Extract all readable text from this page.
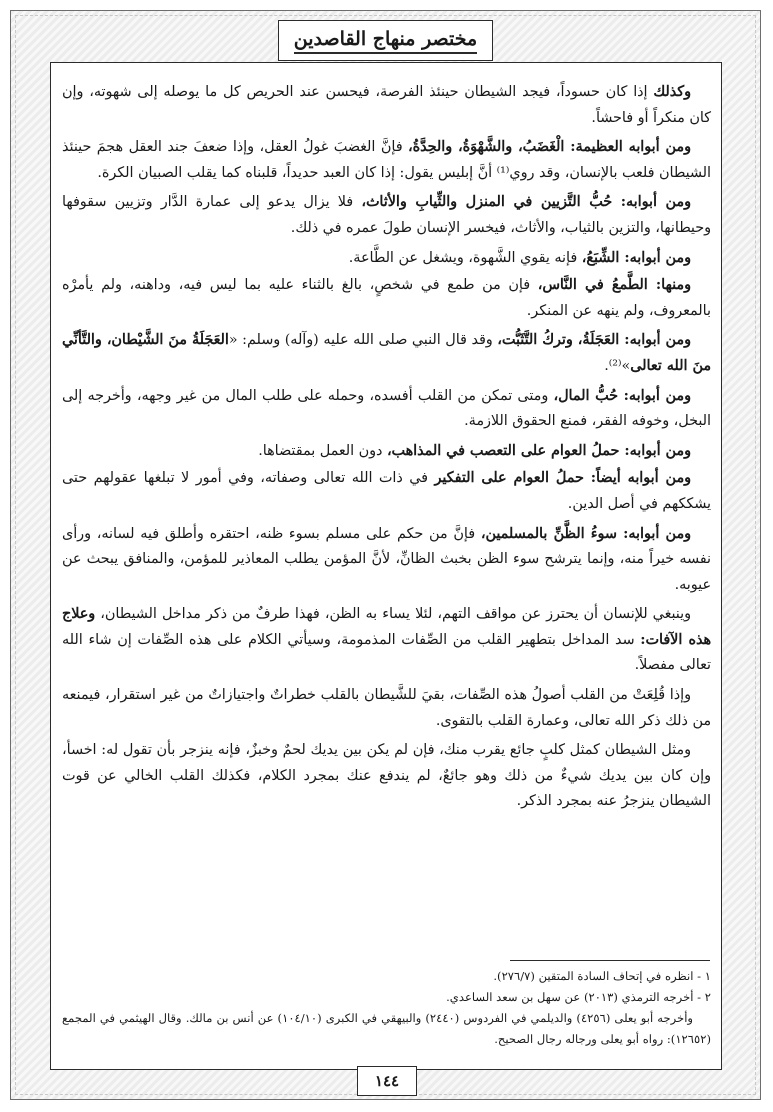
مختصر منهاج القاصدين

وكذلك إذا كان حسوداً، فيجد الشيطان حينئذ الفرصة، فيحسن عند الحريص كل ما يوصله إلى شهوته، وإن كان منكراً أو فاحشاً.

ومن أبوابه العظيمة: الْغَضَبُ، والشَّهْوَةُ، والحِدَّةُ، فإنَّ الغضبَ غولُ العقل، وإذا ضعفَ جند العقل هجمَ حينئذ الشيطان فلعب بالإنسان، وقد روي⁽¹⁾ أنَّ إبليس يقول: إذا كان العبد حديداً، قلبناه كما يقلب الصبيان الكرة.

ومن أبوابه: حُبُّ التَّزيين في المنزل والثِّيابِ والأثاث، فلا يزال يدعو إلى عمارة الدَّار وتزيين سقوفها وحيطانها، والتزين بالثياب، والأثاث، فيخسر الإنسان طولَ عمره في ذلك.

ومن أبوابه: الشِّبَعُ، فإنه يقوي الشَّهوة، ويشغل عن الطَّاعة.

ومنها: الطَّمعُ في النَّاس، فإن من طمع في شخصٍ، بالغ بالثناء عليه بما ليس فيه، وداهنه، ولم يأمرْه بالمعروف، ولم ينهه عن المنكر.

ومن أبوابه: العَجَلَةُ، وتركُ التَّثَبُّت، وقد قال النبي صلى الله عليه (وآله) وسلم: «العَجَلَةُ منَ الشَّيْطان، والتَّأنِّي منَ الله تعالى»⁽²⁾.

ومن أبوابه: حُبُّ المال، ومتى تمكن من القلب أفسده، وحمله على طلب المال من غير وجهه، وأخرجه إلى البخل، وخوفه الفقر، فمنع الحقوق اللازمة.

ومن أبوابه: حملُ العوام على التعصب في المذاهب، دون العمل بمقتضاها.

ومن أبوابه أيضاً: حملُ العوام على التفكير في ذات الله تعالى وصفاته، وفي أمور لا تبلغها عقولهم حتى يشككهم في أصل الدين.

ومن أبوابه: سوءُ الظَّنِّ بالمسلمين، فإنَّ من حكم على مسلم بسوء ظنه، احتقره وأطلق فيه لسانه، ورأى نفسه خيراً منه، وإنما يترشح سوء الظن بخبث الظانِّ، لأنَّ المؤمن يطلب المعاذير للمؤمن، والمنافق يبحث عن عيوبه.

وينبغي للإنسان أن يحترز عن مواقف التهم، لئلا يساء به الظن، فهذا طرفٌ من ذكر مداخل الشيطان، وعلاج هذه الآفات: سد المداخل بتطهير القلب من الصِّفات المذمومة، وسيأتي الكلام على هذه الصِّفات إن شاء الله تعالى مفصلاً.

وإذا قُلِعَتْ من القلب أصولُ هذه الصِّفات، بقيَ للشَّيطان بالقلب خطراتٌ واجتيازاتٌ من غير استقرار، فيمنعه من ذلك ذكر الله تعالى، وعمارة القلب بالتقوى.

ومثل الشيطان كمثل كلبٍ جائع يقرب منك، فإن لم يكن بين يديك لحمٌ وخبزٌ، فإنه ينزجر بأن تقول له: اخسأ، وإن كان بين يديك شيءٌ من ذلك وهو جائعٌ، لم يندفع عنك بمجرد الكلام، فكذلك القلب الخالي عن قوت الشيطان ينزجرُ عنه بمجرد الذكر.

١ - انظره في إتحاف السادة المتقين (٢٧٦/٧).

٢ - أخرجه الترمذي (٢٠١٣) عن سهل بن سعد الساعدي.

وأخرجه أبو يعلى (٤٢٥٦) والديلمي في الفردوس (٢٤٤٠) والبيهقي في الكبرى (١٠٤/١٠) عن أنس بن مالك. وقال الهيثمي في المجمع (١٢٦٥٢): رواه أبو يعلى ورجاله رجال الصحيح.

١٤٤
